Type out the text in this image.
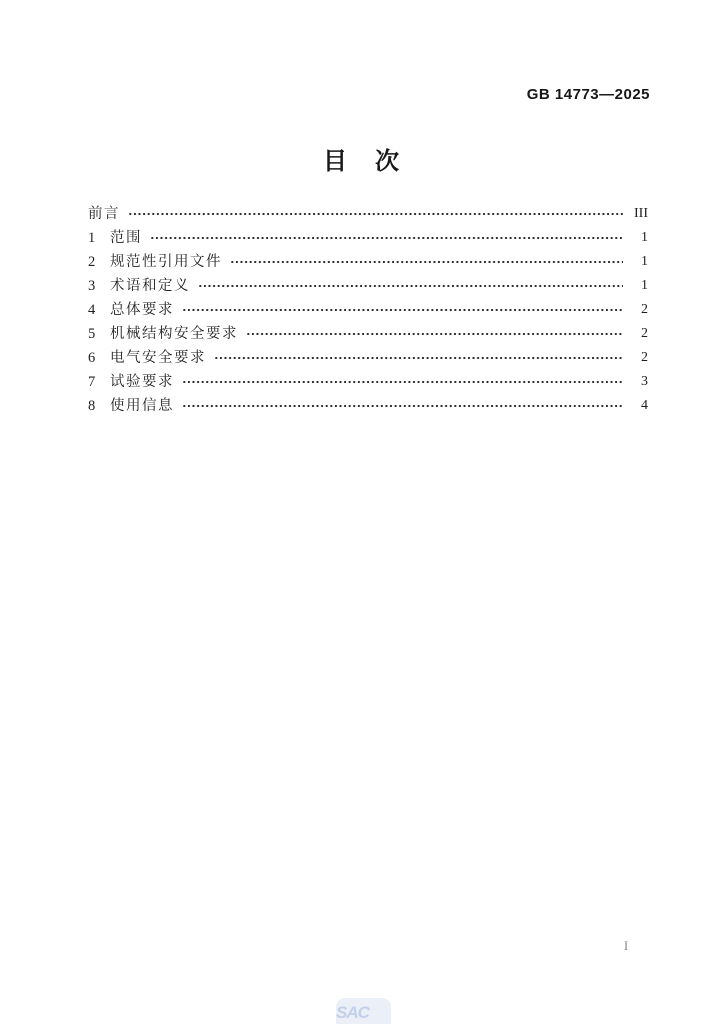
GB 14773—2025
目　次
前言	III
1	范围	1
2	规范性引用文件	1
3	术语和定义	1
4	总体要求	2
5	机械结构安全要求	2
6	电气安全要求	2
7	试验要求	3
8	使用信息	4
I
SAC
